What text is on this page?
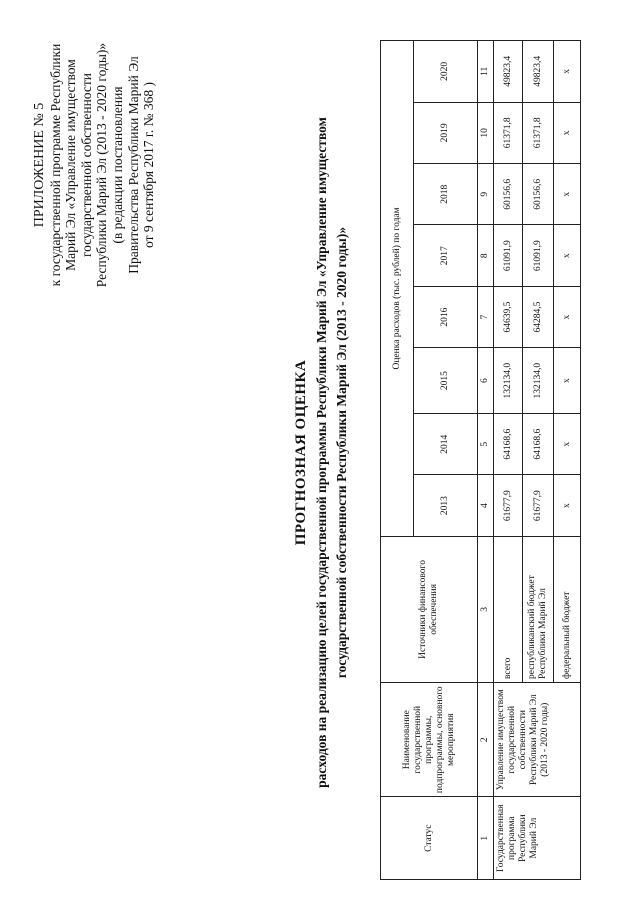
ПРИЛОЖЕНИЕ № 5 к государственной программе Республики Марий Эл «Управление имуществом государственной собственности Республики Марий Эл (2013 - 2020 годы)» (в редакции постановления Правительства Республики Марий Эл от 9 сентября 2017 г. № 368 )
ПРОГНОЗНАЯ ОЦЕНКА расходов на реализацию целей государственной программы Республики Марий Эл «Управление имуществом государственной собственности Республики Марий Эл (2013 - 2020 годы)»
Статус	Наименование государственной программы, подпрограммы, основного мероприятия	Источники финансового обеспечения	Оценка расходов (тыс. рублей) по годам							
			2013	2014	2015	2016	2017	2018	2019	2020
1	2	3	4	5	6	7	8	9	10	11
Государственная программа Республики Марий Эл	Управление имуществом государственной собственности Республики Марий Эл (2013 - 2020 годы)	всего	61677,9	64168,6	132134,0	64639,5	61091,9	60156,6	61371,8	49823,4
		республиканский бюджет Республики Марий Эл	61677,9	64168,6	132134,0	64284,5	61091,9	60156,6	61371,8	49823,4
		федеральный бюджет	x	x	x	x	x	x	x	x
